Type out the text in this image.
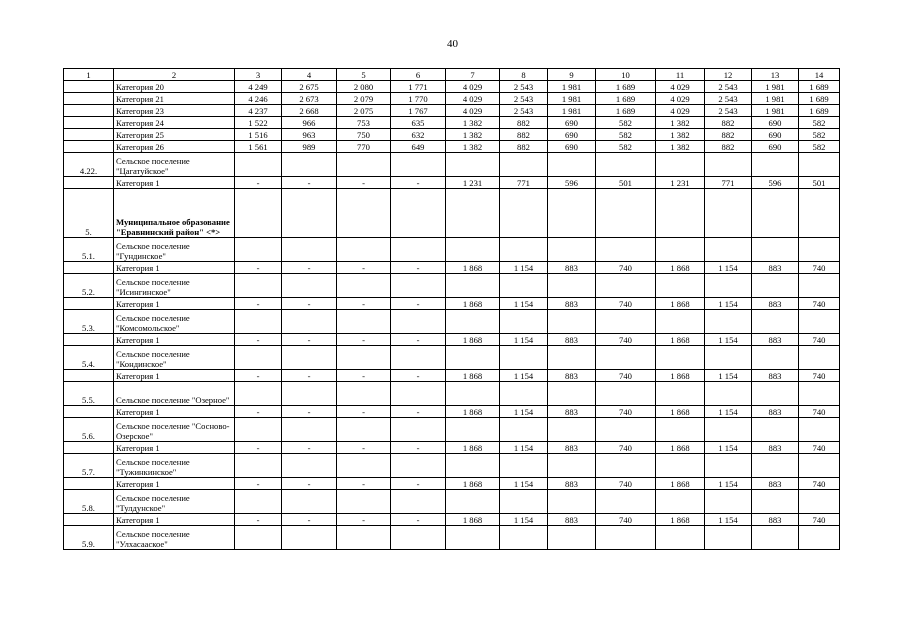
40
1	2	3	4	5	6	7	8	9	10	11	12	13	14
	Категория 20	4 249	2 675	2 080	1 771	4 029	2 543	1 981	1 689	4 029	2 543	1 981	1 689
	Категория 21	4 246	2 673	2 079	1 770	4 029	2 543	1 981	1 689	4 029	2 543	1 981	1 689
	Категория 23	4 237	2 668	2 075	1 767	4 029	2 543	1 981	1 689	4 029	2 543	1 981	1 689
	Категория 24	1 522	966	753	635	1 382	882	690	582	1 382	882	690	582
	Категория 25	1 516	963	750	632	1 382	882	690	582	1 382	882	690	582
	Категория 26	1 561	989	770	649	1 382	882	690	582	1 382	882	690	582
4.22.	Сельское поселение "Цагатуйское"												
	Категория 1	-	-	-	-	1 231	771	596	501	1 231	771	596	501
5.	Муниципальное образование "Еравнинский район" <*>												
5.1.	Сельское поселение "Гундинское"												
	Категория 1	-	-	-	-	1 868	1 154	883	740	1 868	1 154	883	740
5.2.	Сельское поселение "Исингинское"												
	Категория 1	-	-	-	-	1 868	1 154	883	740	1 868	1 154	883	740
5.3.	Сельское поселение "Комсомольское"												
	Категория 1	-	-	-	-	1 868	1 154	883	740	1 868	1 154	883	740
5.4.	Сельское поселение "Кондинское"												
	Категория 1	-	-	-	-	1 868	1 154	883	740	1 868	1 154	883	740
5.5.	Сельское поселение "Озерное"												
	Категория 1	-	-	-	-	1 868	1 154	883	740	1 868	1 154	883	740
5.6.	Сельское поселение "Сосново-Озерское"												
	Категория 1	-	-	-	-	1 868	1 154	883	740	1 868	1 154	883	740
5.7.	Сельское поселение "Тужинкинское"												
	Категория 1	-	-	-	-	1 868	1 154	883	740	1 868	1 154	883	740
5.8.	Сельское поселение "Тулдунское"												
	Категория 1	-	-	-	-	1 868	1 154	883	740	1 868	1 154	883	740
5.9.	Сельское поселение "Улхасаaское"												
